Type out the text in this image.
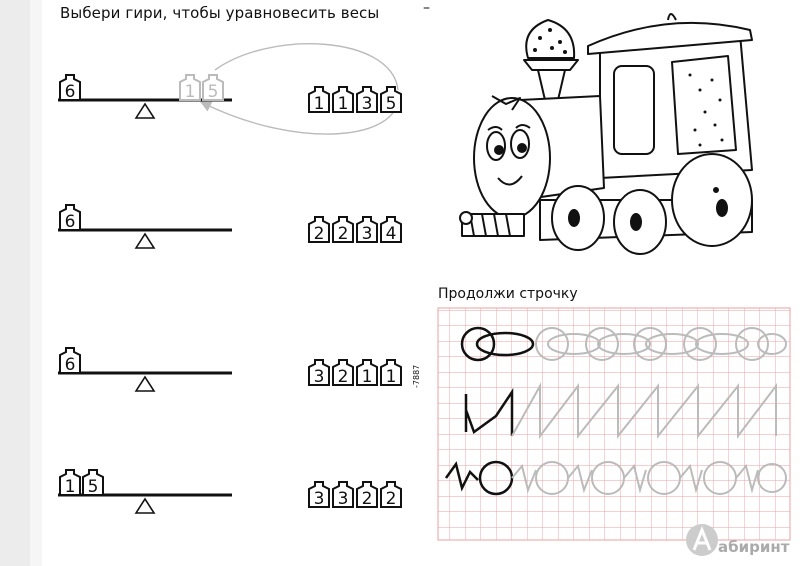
Выбери гири, чтобы уравновесить весы	–
-7887
Продолжи строчку
6	1 5
1 1 3 5
6
2 2 3 4
6
3 2 1 1
1 5
3 3 2 2
абиринт
